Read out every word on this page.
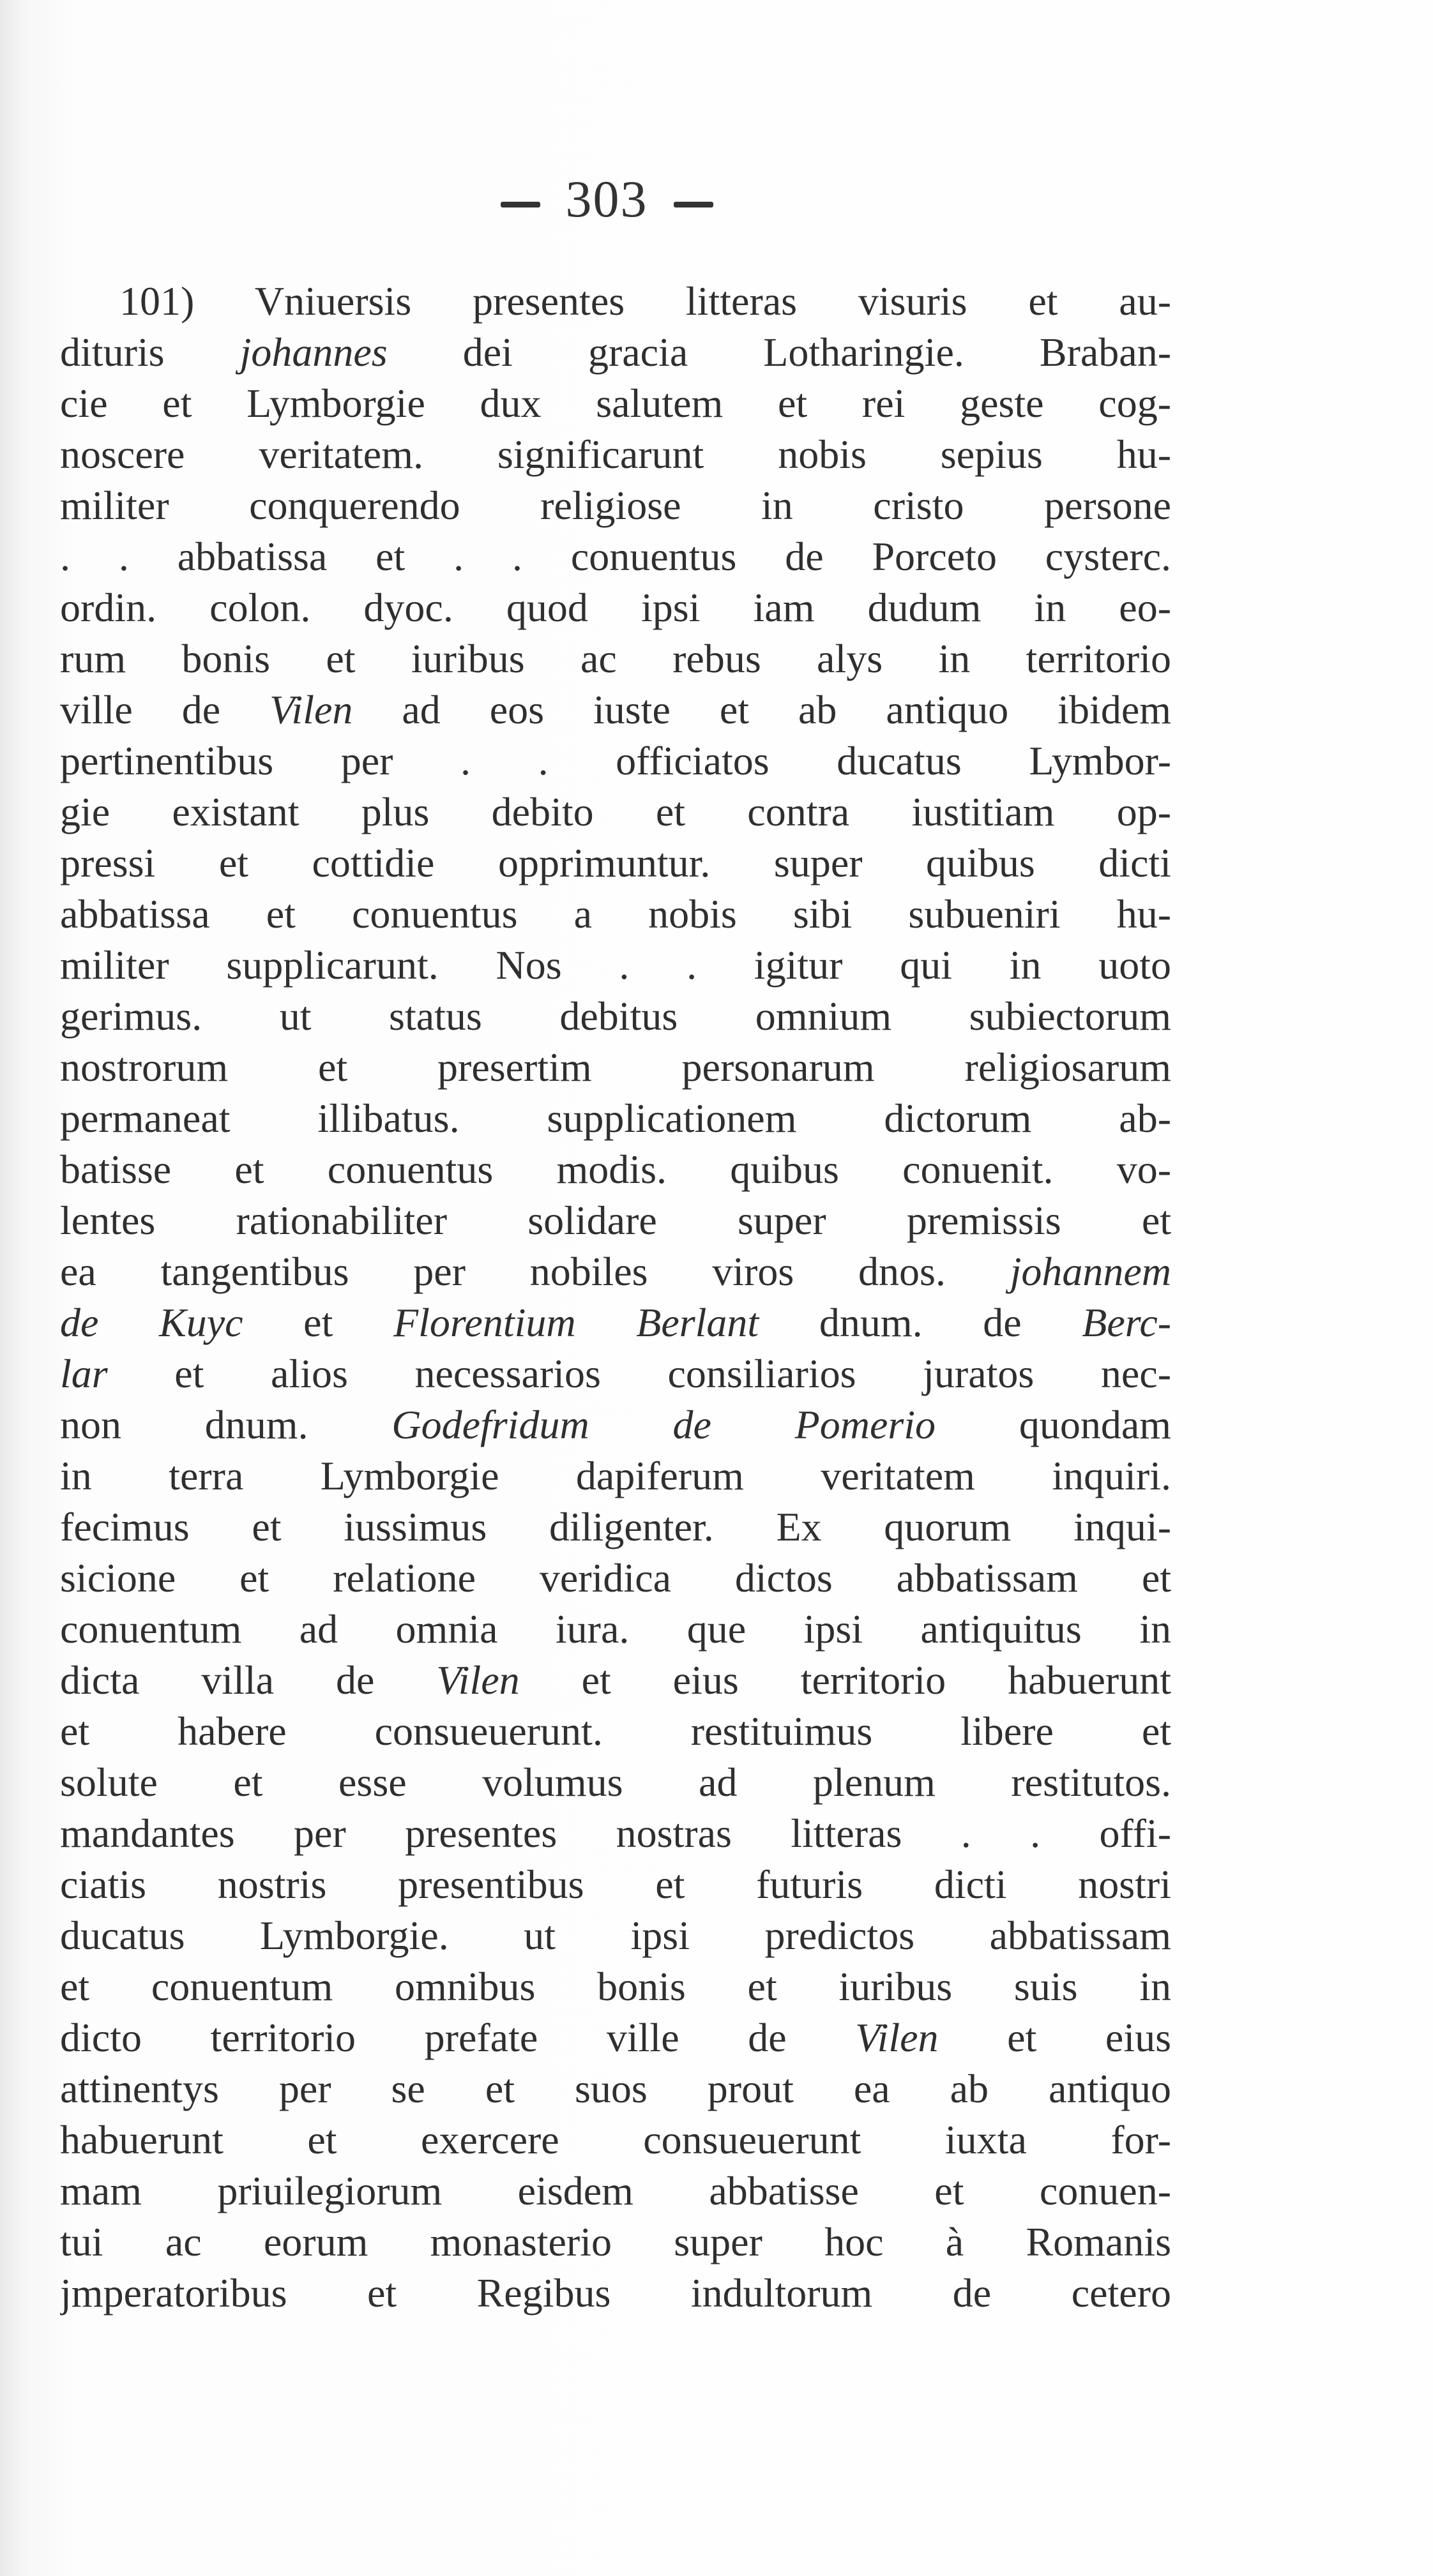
303
101) Vniuersis presentes litteras visuris et au-
dituris johannes dei gracia Lotharingie. Braban-
cie et Lymborgie dux salutem et rei geste cog-
noscere veritatem. significarunt nobis sepius hu-
militer conquerendo religiose in cristo persone
. . abbatissa et . . conuentus de Porceto cysterc.
ordin. colon. dyoc. quod ipsi iam dudum in eo-
rum bonis et iuribus ac rebus alys in territorio
ville de Vilen ad eos iuste et ab antiquo ibidem
pertinentibus per . . officiatos ducatus Lymbor-
gie existant plus debito et contra iustitiam op-
pressi et cottidie opprimuntur. super quibus dicti
abbatissa et conuentus a nobis sibi subueniri hu-
militer supplicarunt. Nos . . igitur qui in uoto
gerimus. ut status debitus omnium subiectorum
nostrorum et presertim personarum religiosarum
permaneat illibatus. supplicationem dictorum ab-
batisse et conuentus modis. quibus conuenit. vo-
lentes rationabiliter solidare super premissis et
ea tangentibus per nobiles viros dnos. johannem
de Kuyc et Florentium Berlant dnum. de Berc-
lar et alios necessarios consiliarios juratos nec-
non dnum. Godefridum de Pomerio quondam
in terra Lymborgie dapiferum veritatem inquiri.
fecimus et iussimus diligenter. Ex quorum inqui-
sicione et relatione veridica dictos abbatissam et
conuentum ad omnia iura. que ipsi antiquitus in
dicta villa de Vilen et eius territorio habuerunt
et habere consueuerunt. restituimus libere et
solute et esse volumus ad plenum restitutos.
mandantes per presentes nostras litteras . . offi-
ciatis nostris presentibus et futuris dicti nostri
ducatus Lymborgie. ut ipsi predictos abbatissam
et conuentum omnibus bonis et iuribus suis in
dicto territorio prefate ville de Vilen et eius
attinentys per se et suos prout ea ab antiquo
habuerunt et exercere consueuerunt iuxta for-
mam priuilegiorum eisdem abbatisse et conuen-
tui ac eorum monasterio super hoc à Romanis
jmperatoribus et Regibus indultorum de cetero
